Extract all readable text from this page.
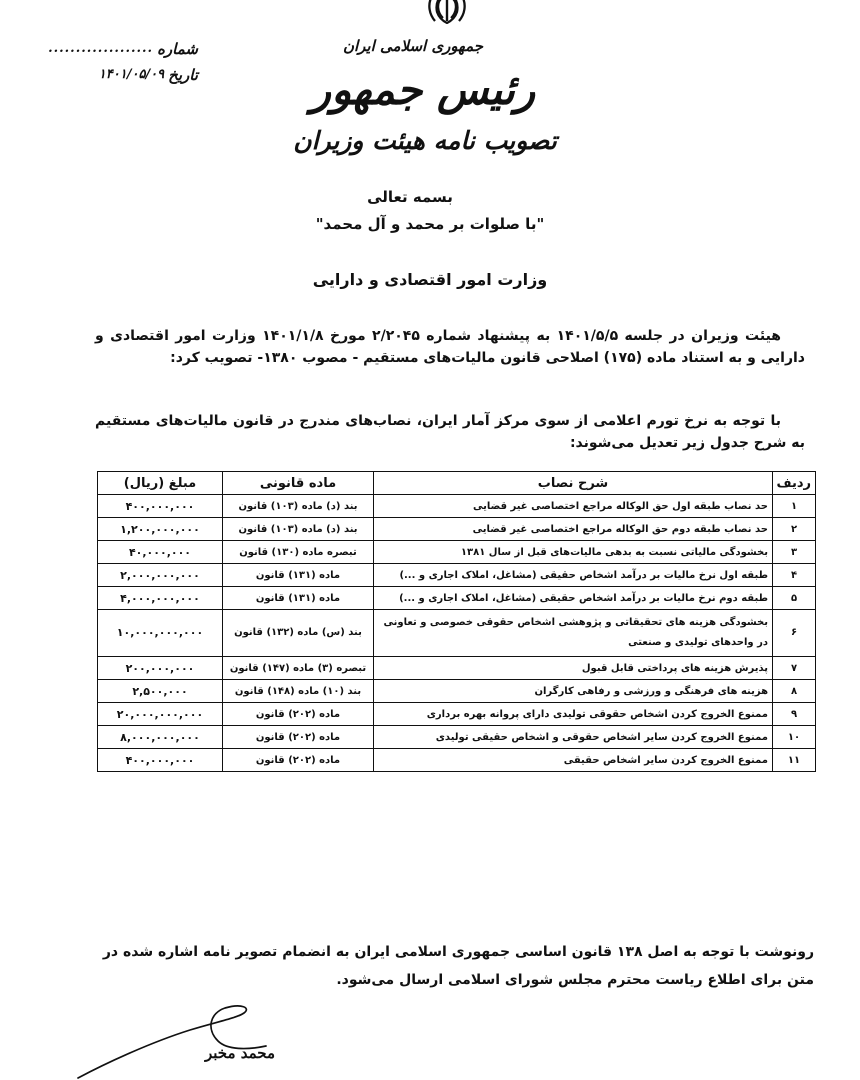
شماره
...................
تاریخ
۱۴۰۱/۰۵/۰۹
جمهوری اسلامی ایران
رئیس جمهور
تصویب نامه هیئت وزیران
بسمه تعالی
"با صلوات بر محمد و آل محمد"
وزارت امور اقتصادی و دارایی
هیئت وزیران در جلسه ۱۴۰۱/۵/۵ به پیشنهاد شماره ۲/۲۰۴۵ مورخ ۱۴۰۱/۱/۸ وزارت امور اقتصادی و دارایی و به استناد ماده (۱۷۵) اصلاحی قانون مالیات‌های مستقیم - مصوب ۱۳۸۰- تصویب کرد:
با توجه به نرخ تورم اعلامی از سوی مرکز آمار ایران، نصاب‌های مندرج در قانون مالیات‌های مستقیم به شرح جدول زیر تعدیل می‌شوند:
ردیف	شرح نصاب	ماده قانونی	مبلغ (ریال)
۱	حد نصاب طبقه اول حق الوکاله مراجع اختصاصی غیر قضایی	بند (د) ماده (۱۰۳) قانون	۴۰۰,۰۰۰,۰۰۰
۲	حد نصاب طبقه دوم حق الوکاله مراجع اختصاصی غیر قضایی	بند (د) ماده (۱۰۳) قانون	۱,۲۰۰,۰۰۰,۰۰۰
۳	بخشودگی مالیاتی نسبت به بدهی مالیات‌های قبل از سال ۱۳۸۱	تبصره ماده (۱۳۰) قانون	۴۰,۰۰۰,۰۰۰
۴	طبقه اول نرخ مالیات بر درآمد اشخاص حقیقی (مشاغل، املاک اجاری و ...)	ماده (۱۳۱) قانون	۲,۰۰۰,۰۰۰,۰۰۰
۵	طبقه دوم نرخ مالیات بر درآمد اشخاص حقیقی (مشاغل، املاک اجاری و ...)	ماده (۱۳۱) قانون	۴,۰۰۰,۰۰۰,۰۰۰
۶	بخشودگی هزینه های تحقیقاتی و پژوهشی اشخاص حقوقی خصوصی و تعاونی در واحدهای تولیدی و صنعتی	بند (س) ماده (۱۳۲) قانون	۱۰,۰۰۰,۰۰۰,۰۰۰
۷	پذیرش هزینه های پرداختی قابل قبول	تبصره (۳) ماده (۱۴۷) قانون	۲۰۰,۰۰۰,۰۰۰
۸	هزینه های فرهنگی و ورزشی و رفاهی کارگران	بند (۱۰) ماده (۱۴۸) قانون	۲,۵۰۰,۰۰۰
۹	ممنوع الخروج کردن اشخاص حقوقی تولیدی دارای پروانه بهره برداری	ماده (۲۰۲) قانون	۲۰,۰۰۰,۰۰۰,۰۰۰
۱۰	ممنوع الخروج کردن سایر اشخاص حقوقی و اشخاص حقیقی تولیدی	ماده (۲۰۲) قانون	۸,۰۰۰,۰۰۰,۰۰۰
۱۱	ممنوع الخروج کردن سایر اشخاص حقیقی	ماده (۲۰۲) قانون	۴۰۰,۰۰۰,۰۰۰
رونوشت با توجه به اصل ۱۳۸ قانون اساسی جمهوری اسلامی ایران به انضمام تصویر نامه اشاره شده در متن برای اطلاع ریاست محترم مجلس شورای اسلامی ارسال می‌شود.
محمد مخبر
